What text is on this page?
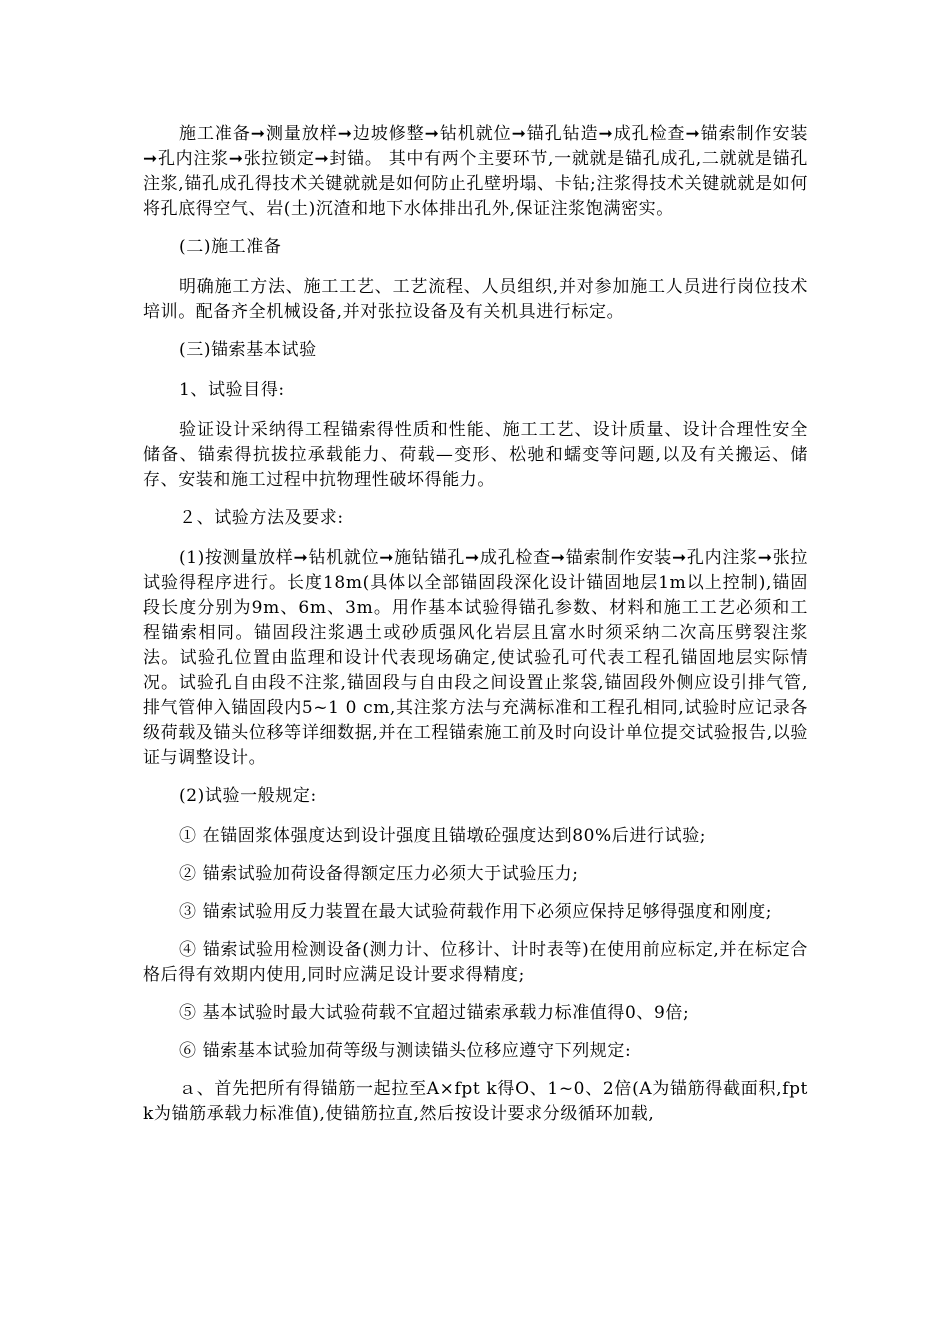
施工准备➞测量放样➞边坡修整➞钻机就位➞锚孔钻造➞成孔检查➞锚索制作安装➞孔内注浆➞张拉锁定➞封锚。 其中有两个主要环节,一就就是锚孔成孔,二就就是锚孔注浆,锚孔成孔得技术关键就就是如何防止孔壁坍塌、卡钻;注浆得技术关键就就是如何将孔底得空气、岩(土)沉渣和地下水体排出孔外,保证注浆饱满密实。

(二)施工准备

明确施工方法、施工工艺、工艺流程、人员组织,并对参加施工人员进行岗位技术培训。配备齐全机械设备,并对张拉设备及有关机具进行标定。

(三)锚索基本试验

1、试验目得:

验证设计采纳得工程锚索得性质和性能、施工工艺、设计质量、设计合理性安全储备、锚索得抗拔拉承载能力、荷载—变形、松驰和蠕变等问题,以及有关搬运、储存、安装和施工过程中抗物理性破坏得能力。

２、试验方法及要求:

(1)按测量放样➞钻机就位➞施钻锚孔➞成孔检查➞锚索制作安装➞孔内注浆➞张拉试验得程序进行。长度18m(具体以全部锚固段深化设计锚固地层1m以上控制),锚固段长度分别为9m、6m、3m。用作基本试验得锚孔参数、材料和施工工艺必须和工程锚索相同。锚固段注浆遇土或砂质强风化岩层且富水时须采纳二次高压劈裂注浆法。试验孔位置由监理和设计代表现场确定,使试验孔可代表工程孔锚固地层实际情况。试验孔自由段不注浆,锚固段与自由段之间设置止浆袋,锚固段外侧应设引排气管,排气管伸入锚固段内5~1 0 cm,其注浆方法与充满标准和工程孔相同,试验时应记录各级荷载及锚头位移等详细数据,并在工程锚索施工前及时向设计单位提交试验报告,以验证与调整设计。

(2)试验一般规定:

① 在锚固浆体强度达到设计强度且锚墩砼强度达到80%后进行试验;

② 锚索试验加荷设备得额定压力必须大于试验压力;

③ 锚索试验用反力装置在最大试验荷载作用下必须应保持足够得强度和刚度;

④ 锚索试验用检测设备(测力计、位移计、计时表等)在使用前应标定,并在标定合格后得有效期内使用,同时应满足设计要求得精度;

⑤ 基本试验时最大试验荷载不宜超过锚索承载力标准值得0、9倍;

⑥ 锚索基本试验加荷等级与测读锚头位移应遵守下列规定:

ａ、首先把所有得锚筋一起拉至A×fpt k得O、1~0、2倍(A为锚筋得截面积,fptk为锚筋承载力标准值),使锚筋拉直,然后按设计要求分级循环加载,
